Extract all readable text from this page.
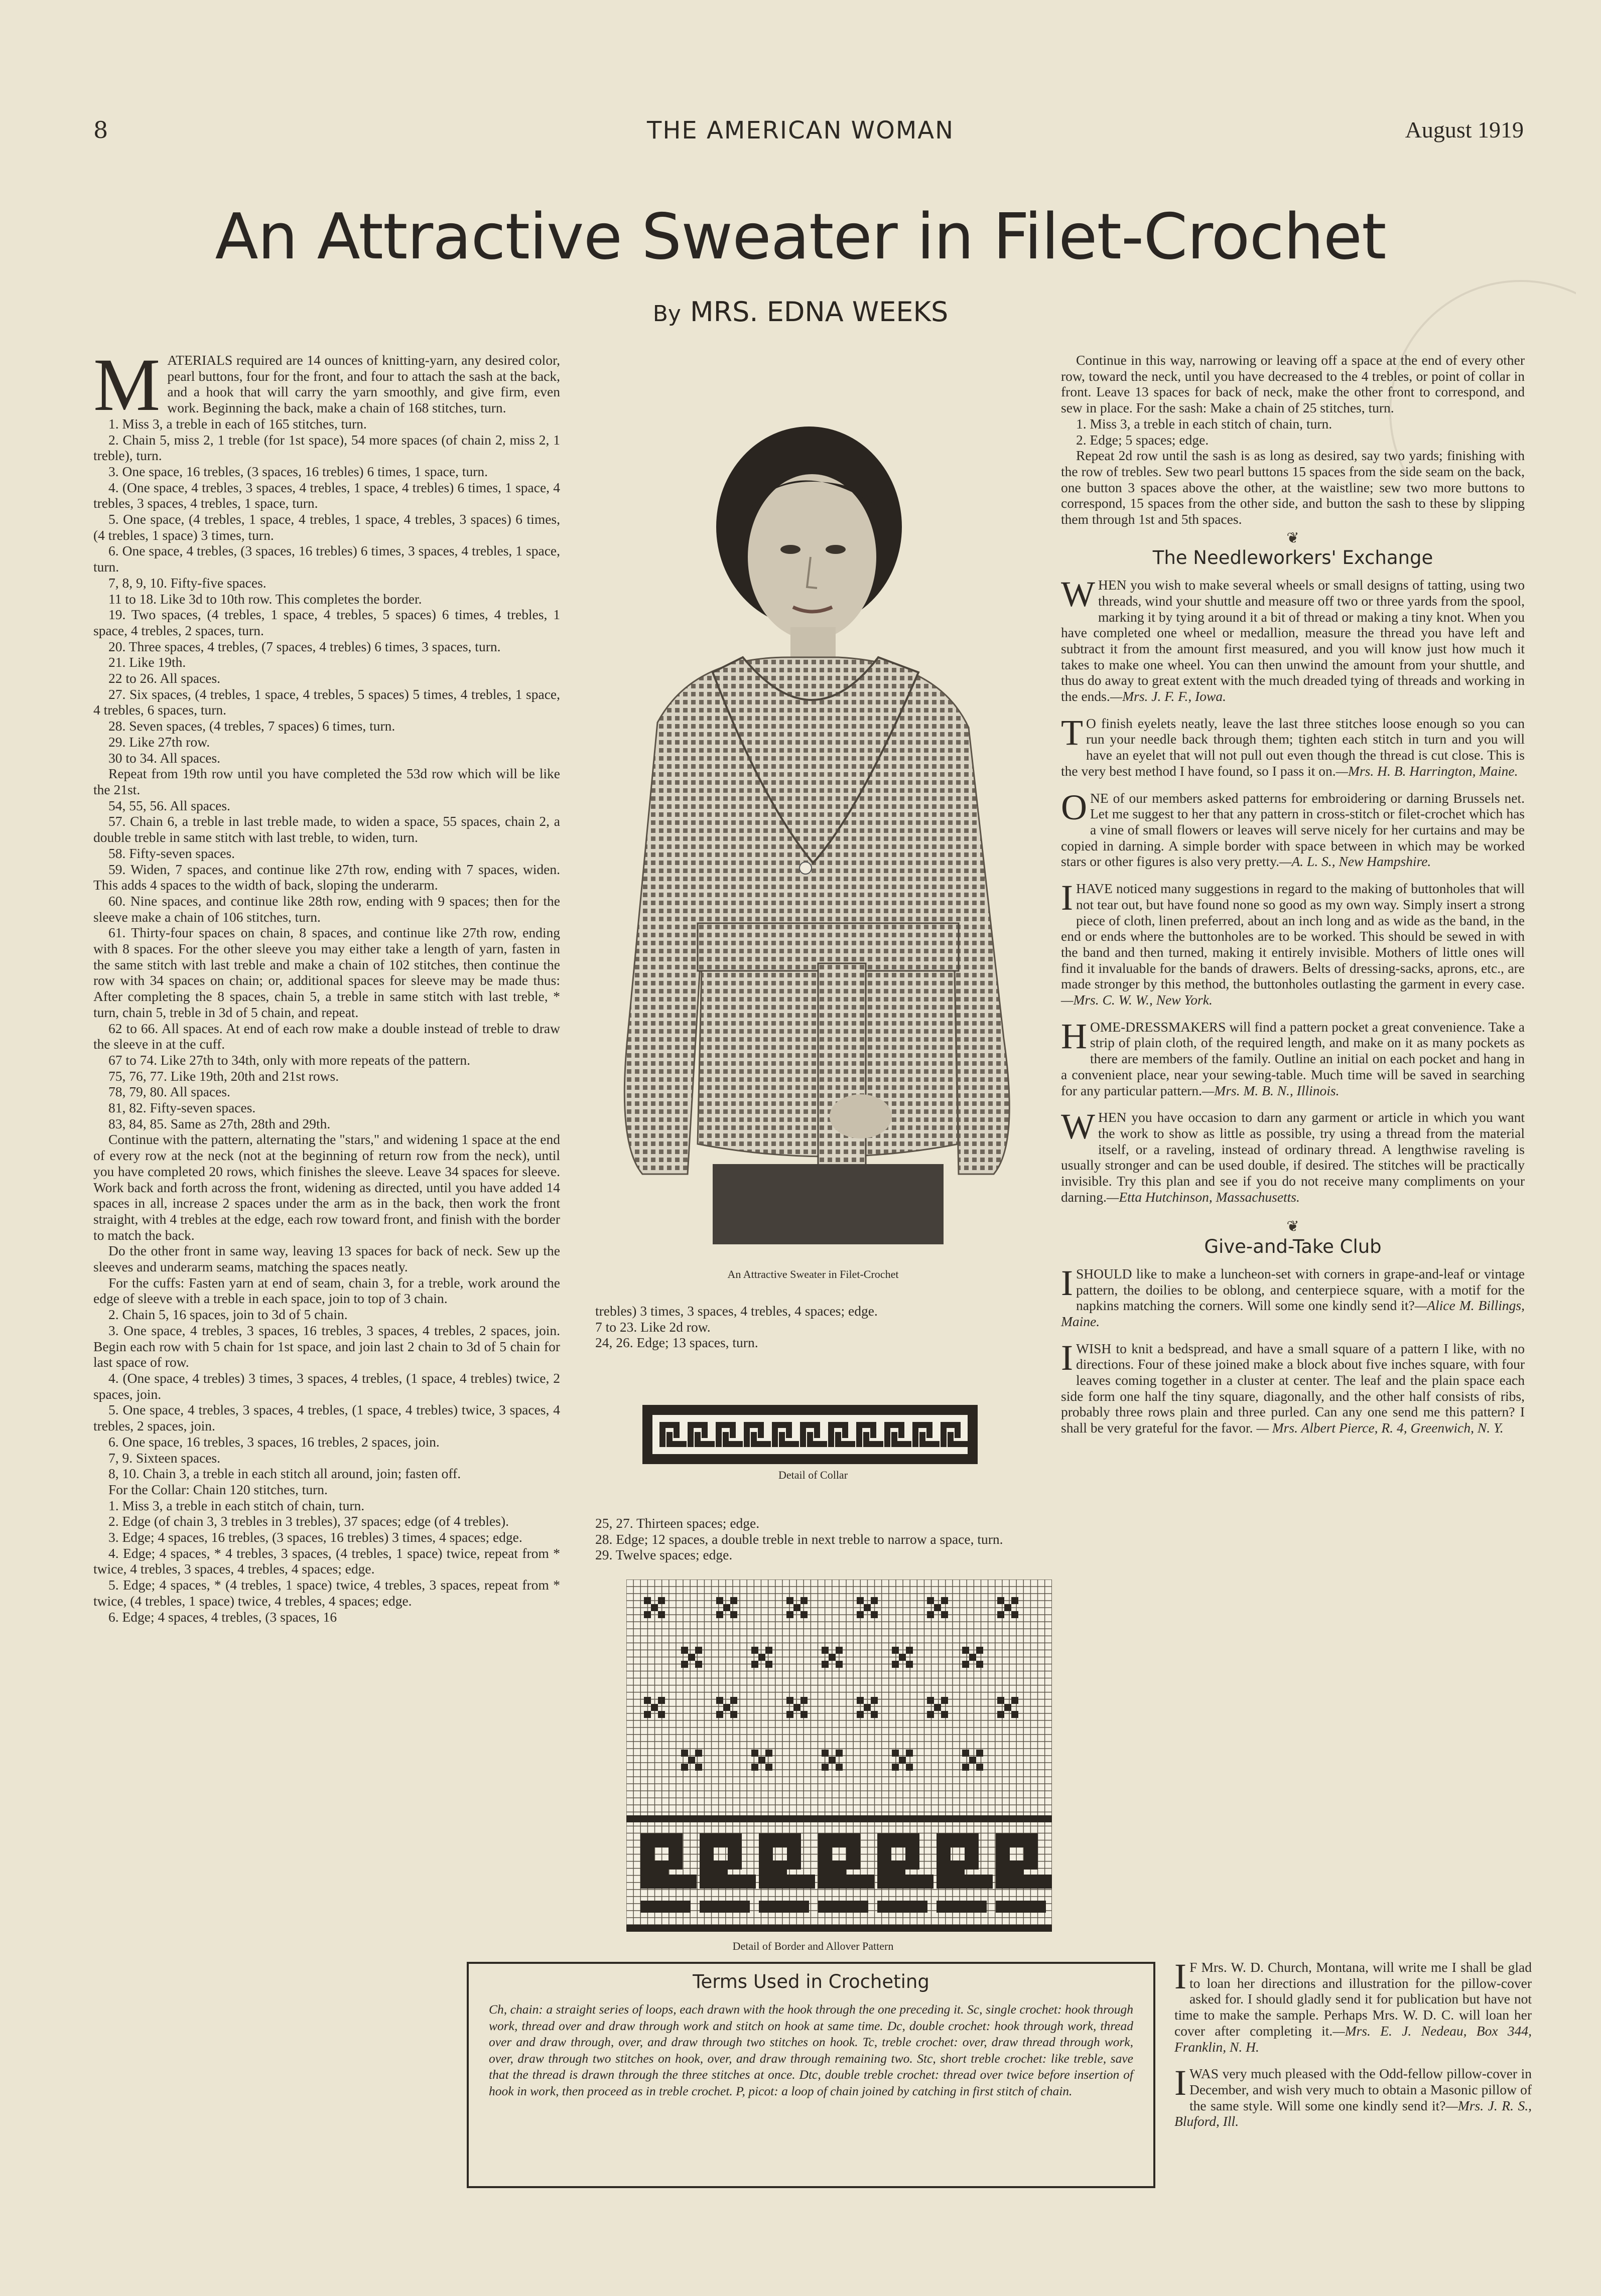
8	THE AMERICAN WOMAN	August 1919
An Attractive Sweater in Filet-Crochet
By MRS. EDNA WEEKS

MATERIALS required are 14 ounces of knitting-yarn, any desired color, pearl buttons, four for the front, and four to attach the sash at the back, and a hook that will carry the yarn smoothly, and give firm, even work. Beginning the back, make a chain of 168 stitches, turn.

1. Miss 3, a treble in each of 165 stitches, turn.

2. Chain 5, miss 2, 1 treble (for 1st space), 54 more spaces (of chain 2, miss 2, 1 treble), turn.

3. One space, 16 trebles, (3 spaces, 16 trebles) 6 times, 1 space, turn.

4. (One space, 4 trebles, 3 spaces, 4 trebles, 1 space, 4 trebles) 6 times, 1 space, 4 trebles, 3 spaces, 4 trebles, 1 space, turn.

5. One space, (4 trebles, 1 space, 4 trebles, 1 space, 4 trebles, 3 spaces) 6 times, (4 trebles, 1 space) 3 times, turn.

6. One space, 4 trebles, (3 spaces, 16 trebles) 6 times, 3 spaces, 4 trebles, 1 space, turn.

7, 8, 9, 10. Fifty-five spaces.

11 to 18. Like 3d to 10th row. This completes the border.

19. Two spaces, (4 trebles, 1 space, 4 trebles, 5 spaces) 6 times, 4 trebles, 1 space, 4 trebles, 2 spaces, turn.

20. Three spaces, 4 trebles, (7 spaces, 4 trebles) 6 times, 3 spaces, turn.

21. Like 19th.

22 to 26. All spaces.

27. Six spaces, (4 trebles, 1 space, 4 trebles, 5 spaces) 5 times, 4 trebles, 1 space, 4 trebles, 6 spaces, turn.

28. Seven spaces, (4 trebles, 7 spaces) 6 times, turn.

29. Like 27th row.

30 to 34. All spaces.

Repeat from 19th row until you have completed the 53d row which will be like the 21st.

54, 55, 56. All spaces.

57. Chain 6, a treble in last treble made, to widen a space, 55 spaces, chain 2, a double treble in same stitch with last treble, to widen, turn.

58. Fifty-seven spaces.

59. Widen, 7 spaces, and continue like 27th row, ending with 7 spaces, widen. This adds 4 spaces to the width of back, sloping the underarm.

60. Nine spaces, and continue like 28th row, ending with 9 spaces; then for the sleeve make a chain of 106 stitches, turn.

61. Thirty-four spaces on chain, 8 spaces, and continue like 27th row, ending with 8 spaces. For the other sleeve you may either take a length of yarn, fasten in the same stitch with last treble and make a chain of 102 stitches, then continue the row with 34 spaces on chain; or, additional spaces for sleeve may be made thus: After completing the 8 spaces, chain 5, a treble in same stitch with last treble, * turn, chain 5, treble in 3d of 5 chain, and repeat.

62 to 66. All spaces. At end of each row make a double instead of treble to draw the sleeve in at the cuff.

67 to 74. Like 27th to 34th, only with more repeats of the pattern.

75, 76, 77. Like 19th, 20th and 21st rows.

78, 79, 80. All spaces.

81, 82. Fifty-seven spaces.

83, 84, 85. Same as 27th, 28th and 29th.

Continue with the pattern, alternating the "stars," and widening 1 space at the end of every row at the neck (not at the beginning of return row from the neck), until you have completed 20 rows, which finishes the sleeve. Leave 34 spaces for sleeve. Work back and forth across the front, widening as directed, until you have added 14 spaces in all, increase 2 spaces under the arm as in the back, then work the front straight, with 4 trebles at the edge, each row toward front, and finish with the border to match the back.

Do the other front in same way, leaving 13 spaces for back of neck. Sew up the sleeves and underarm seams, matching the spaces neatly.

For the cuffs: Fasten yarn at end of seam, chain 3, for a treble, work around the edge of sleeve with a treble in each space, join to top of 3 chain.

2. Chain 5, 16 spaces, join to 3d of 5 chain.

3. One space, 4 trebles, 3 spaces, 16 trebles, 3 spaces, 4 trebles, 2 spaces, join. Begin each row with 5 chain for 1st space, and join last 2 chain to 3d of 5 chain for last space of row.

4. (One space, 4 trebles) 3 times, 3 spaces, 4 trebles, (1 space, 4 trebles) twice, 2 spaces, join.

5. One space, 4 trebles, 3 spaces, 4 trebles, (1 space, 4 trebles) twice, 3 spaces, 4 trebles, 2 spaces, join.

6. One space, 16 trebles, 3 spaces, 16 trebles, 2 spaces, join.

7, 9. Sixteen spaces.

8, 10. Chain 3, a treble in each stitch all around, join; fasten off.

For the Collar: Chain 120 stitches, turn.

1. Miss 3, a treble in each stitch of chain, turn.

2. Edge (of chain 3, 3 trebles in 3 trebles), 37 spaces; edge (of 4 trebles).

3. Edge; 4 spaces, 16 trebles, (3 spaces, 16 trebles) 3 times, 4 spaces; edge.

4. Edge; 4 spaces, * 4 trebles, 3 spaces, (4 trebles, 1 space) twice, repeat from * twice, 4 trebles, 3 spaces, 4 trebles, 4 spaces; edge.

5. Edge; 4 spaces, * (4 trebles, 1 space) twice, 4 trebles, 3 spaces, repeat from * twice, (4 trebles, 1 space) twice, 4 trebles, 4 spaces; edge.

6. Edge; 4 spaces, 4 trebles, (3 spaces, 16

An Attractive Sweater in Filet-Crochet

trebles) 3 times, 3 spaces, 4 trebles, 4 spaces; edge.

7 to 23. Like 2d row.

24, 26. Edge; 13 spaces, turn.

Detail of Collar

25, 27. Thirteen spaces; edge.

28. Edge; 12 spaces, a double treble in next treble to narrow a space, turn.

29. Twelve spaces; edge.

Detail of Border and Allover Pattern
Terms Used in Crocheting
Ch, chain: a straight series of loops, each drawn with the hook through the one preceding it. Sc, single crochet: hook through work, thread over and draw through work and stitch on hook at same time. Dc, double crochet: hook through work, thread over and draw through, over, and draw through two stitches on hook. Tc, treble crochet: over, draw thread through work, over, draw through two stitches on hook, over, and draw through remaining two. Stc, short treble crochet: like treble, save that the thread is drawn through the three stitches at once. Dtc, double treble crochet: thread over twice before insertion of hook in work, then proceed as in treble crochet. P, picot: a loop of chain joined by catching in first stitch of chain.

Continue in this way, narrowing or leaving off a space at the end of every other row, toward the neck, until you have decreased to the 4 trebles, or point of collar in front. Leave 13 spaces for back of neck, make the other front to correspond, and sew in place. For the sash: Make a chain of 25 stitches, turn.

1. Miss 3, a treble in each stitch of chain, turn.

2. Edge; 5 spaces; edge.

Repeat 2d row until the sash is as long as desired, say two yards; finishing with the row of trebles. Sew two pearl buttons 15 spaces from the side seam on the back, one button 3 spaces above the other, at the waistline; sew two more buttons to correspond, 15 spaces from the other side, and button the sash to these by slipping them through 1st and 5th spaces.

❦
The Needleworkers' Exchange

WHEN you wish to make several wheels or small designs of tatting, using two threads, wind your shuttle and measure off two or three yards from the spool, marking it by tying around it a bit of thread or making a tiny knot. When you have completed one wheel or medallion, measure the thread you have left and subtract it from the amount first measured, and you will know just how much it takes to make one wheel. You can then unwind the amount from your shuttle, and thus do away to great extent with the much dreaded tying of threads and working in the ends.—Mrs. J. F. F., Iowa.

T O finish eyelets neatly, leave the last three stitches loose enough so you can run your needle back through them; tighten each stitch in turn and you will have an eyelet that will not pull out even though the thread is cut close. This is the very best method I have found, so I pass it on.—Mrs. H. B. Harrington, Maine.

ONE of our members asked patterns for embroidering or darning Brussels net. Let me suggest to her that any pattern in cross-stitch or filet-crochet which has a vine of small flowers or leaves will serve nicely for her curtains and may be copied in darning. A simple border with space between in which may be worked stars or other figures is also very pretty.—A. L. S., New Hampshire.

IHAVE noticed many suggestions in regard to the making of buttonholes that will not tear out, but have found none so good as my own way. Simply insert a strong piece of cloth, linen preferred, about an inch long and as wide as the band, in the end or ends where the buttonholes are to be worked. This should be sewed in with the band and then turned, making it entirely invisible. Mothers of little ones will find it invaluable for the bands of drawers. Belts of dressing-sacks, aprons, etc., are made stronger by this method, the buttonholes outlasting the garment in every case.—Mrs. C. W. W., New York.

HOME-DRESSMAKERS will find a pattern pocket a great convenience. Take a strip of plain cloth, of the required length, and make on it as many pockets as there are members of the family. Outline an initial on each pocket and hang in a convenient place, near your sewing-table. Much time will be saved in searching for any particular pattern.—Mrs. M. B. N., Illinois.

WHEN you have occasion to darn any garment or article in which you want the work to show as little as possible, try using a thread from the material itself, or a raveling, instead of ordinary thread. A lengthwise raveling is usually stronger and can be used double, if desired. The stitches will be practically invisible. Try this plan and see if you do not receive many compliments on your darning.—Etta Hutchinson, Massachusetts.

❦
Give-and-Take Club

ISHOULD like to make a luncheon-set with corners in grape-and-leaf or vintage pattern, the doilies to be oblong, and centerpiece square, with a motif for the napkins matching the corners. Will some one kindly send it?—Alice M. Billings, Maine.

IWISH to knit a bedspread, and have a small square of a pattern I like, with no directions. Four of these joined make a block about five inches square, with four leaves coming together in a cluster at center. The leaf and the plain space each side form one half the tiny square, diagonally, and the other half consists of ribs, probably three rows plain and three purled. Can any one send me this pattern? I shall be very grateful for the favor. — Mrs. Albert Pierce, R. 4, Greenwich, N. Y.

I F Mrs. W. D. Church, Montana, will write me I shall be glad to loan her directions and illustration for the pillow-cover asked for. I should gladly send it for publication but have not time to make the sample. Perhaps Mrs. W. D. C. will loan her cover after completing it.—Mrs. E. J. Nedeau, Box 344, Franklin, N. H.

IWAS very much pleased with the Odd-fellow pillow-cover in December, and wish very much to obtain a Masonic pillow of the same style. Will some one kindly send it?—Mrs. J. R. S., Bluford, Ill.
